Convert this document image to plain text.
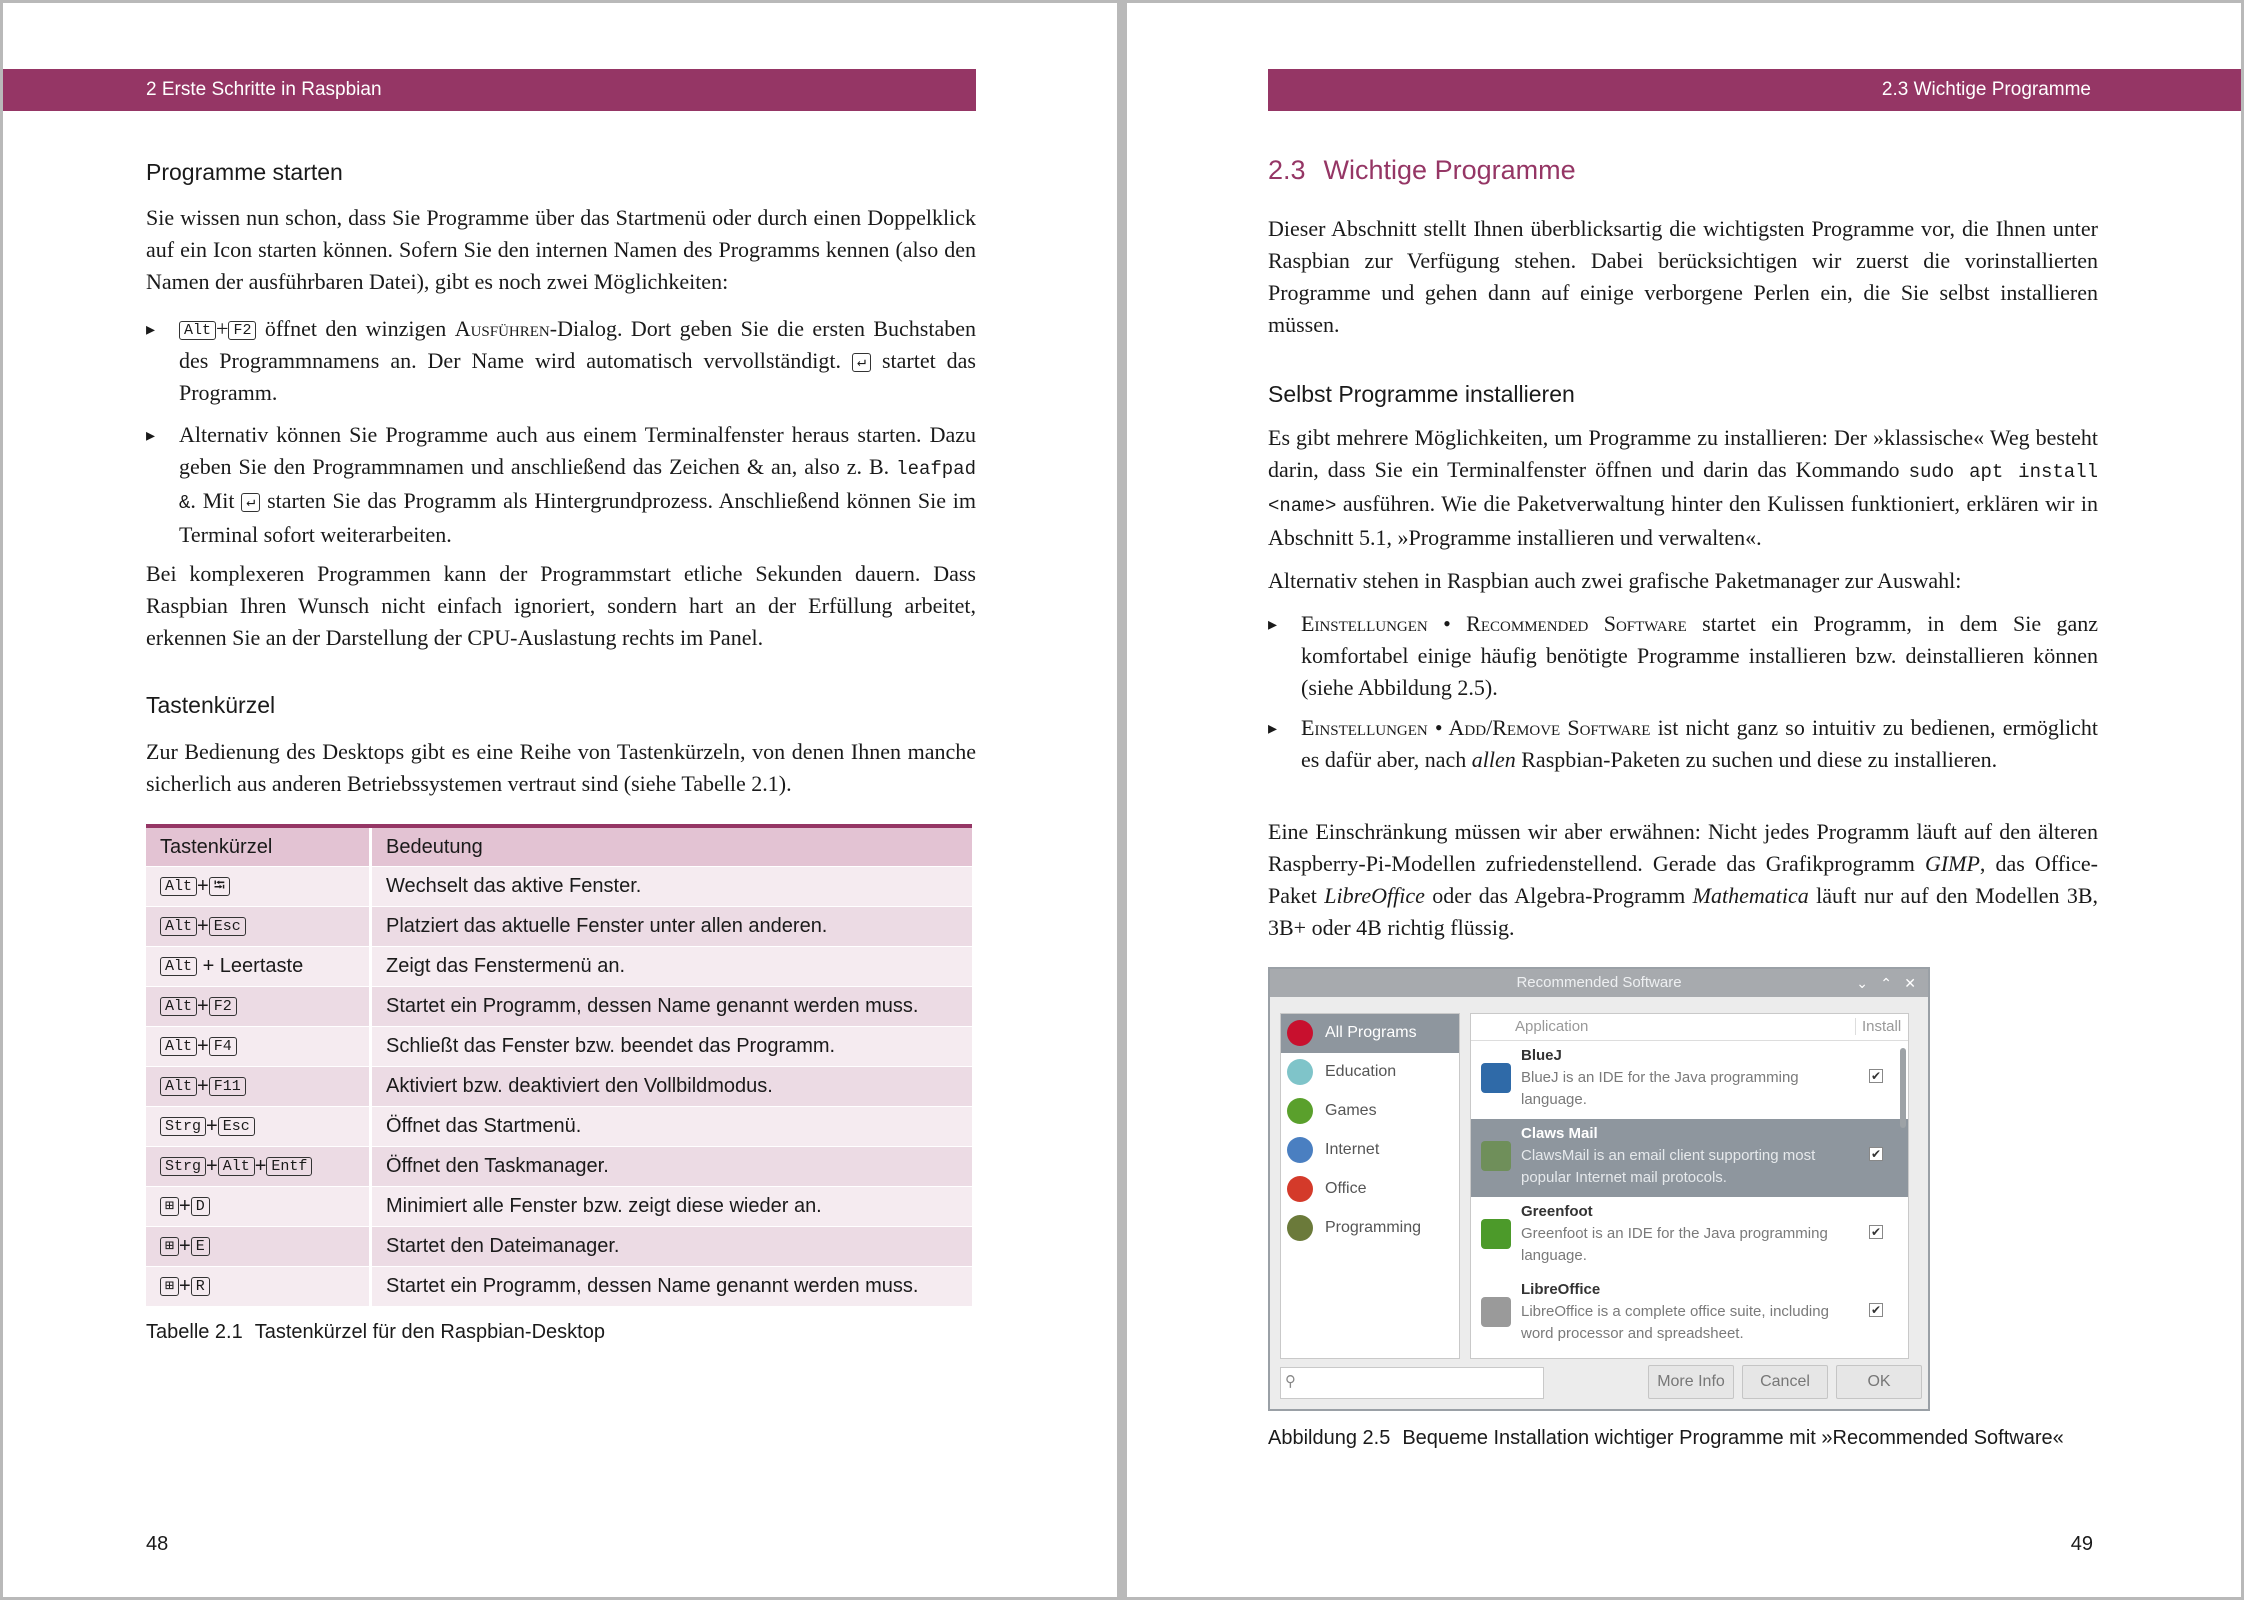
2 Erste Schritte in Raspbian
Programme starten

Sie wissen nun schon, dass Sie Programme über das Startmenü oder durch einen Doppelklick auf ein Icon starten können. Sofern Sie den internen Namen des Programms kennen (also den Namen der ausführbaren Datei), gibt es noch zwei Möglichkeiten:

▸ Alt + F2 öffnet den winzigen Ausführen-Dialog. Dort geben Sie die ersten Buchstaben des Programmnamens an. Der Name wird automatisch vervollständigt. ↵ startet das Programm.
▸ Alternativ können Sie Programme auch aus einem Terminalfenster heraus starten. Dazu geben Sie den Programmnamen und anschließend das Zeichen & an, also z. B. leafpad &. Mit ↵ starten Sie das Programm als Hintergrundprozess. Anschließend können Sie im Terminal sofort weiterarbeiten.

Bei komplexeren Programmen kann der Programmstart etliche Sekunden dauern. Dass Raspbian Ihren Wunsch nicht einfach ignoriert, sondern hart an der Erfüllung arbeitet, erkennen Sie an der Darstellung der CPU-Auslastung rechts im Panel.

Tastenkürzel

Zur Bedienung des Desktops gibt es eine Reihe von Tastenkürzeln, von denen Ihnen manche sicherlich aus anderen Betriebssystemen vertraut sind (siehe Tabelle 2.1).

Tastenkürzel	Bedeutung
Alt + ⭾	Wechselt das aktive Fenster.
Alt + Esc	Platziert das aktuelle Fenster unter allen anderen.
Alt + Leertaste	Zeigt das Fenstermenü an.
Alt + F2	Startet ein Programm, dessen Name genannt werden muss.
Alt + F4	Schließt das Fenster bzw. beendet das Programm.
Alt + F11	Aktiviert bzw. deaktiviert den Vollbildmodus.
Strg + Esc	Öffnet das Startmenü.
Strg + Alt + Entf	Öffnet den Taskmanager.
⊞ + D	Minimiert alle Fenster bzw. zeigt diese wieder an.
⊞ + E	Startet den Dateimanager.
⊞ + R	Startet ein Programm, dessen Name genannt werden muss.
Tabelle 2.1 Tastenkürzel für den Raspbian-Desktop
48
2.3 Wichtige Programme
2.3 Wichtige Programme

Dieser Abschnitt stellt Ihnen überblicksartig die wichtigsten Programme vor, die Ihnen unter Raspbian zur Verfügung stehen. Dabei berücksichtigen wir zuerst die vorinstallierten Programme und gehen dann auf einige verborgene Perlen ein, die Sie selbst installieren müssen.

Selbst Programme installieren

Es gibt mehrere Möglichkeiten, um Programme zu installieren: Der »klassische« Weg besteht darin, dass Sie ein Terminalfenster öffnen und darin das Kommando sudo apt install <name> ausführen. Wie die Paketverwaltung hinter den Kulissen funktioniert, erklären wir in Abschnitt 5.1, »Programme installieren und verwalten«.

Alternativ stehen in Raspbian auch zwei grafische Paketmanager zur Auswahl:

▸ Einstellungen • Recommended Software startet ein Programm, in dem Sie ganz komfortabel einige häufig benötigte Programme installieren bzw. deinstallieren können (siehe Abbildung 2.5).
▸ Einstellungen • Add/Remove Software ist nicht ganz so intuitiv zu bedienen, ermöglicht es dafür aber, nach allen Raspbian-Paketen zu suchen und diese zu installieren.

Eine Einschränkung müssen wir aber erwähnen: Nicht jedes Programm läuft auf den älteren Raspberry-Pi-Modellen zufriedenstellend. Gerade das Grafikprogramm GIMP, das Office-Paket LibreOffice oder das Algebra-Programm Mathematica läuft nur auf den Modellen 3B, 3B+ oder 4B richtig flüssig.

Recommended Software	⌄ ⌃ ✕
All Programs
Education
Games
Internet
Office
Programming
Application	Install
BlueJ
BlueJ is an IDE for the Java programming language.
✔
Claws Mail
ClawsMail is an email client supporting most popular Internet mail protocols.
✔
Greenfoot
Greenfoot is an IDE for the Java programming language.
✔
LibreOffice
LibreOffice is a complete office suite, including word processor and spreadsheet.
✔
⚲	More Info	Cancel	OK
Abbildung 2.5 Bequeme Installation wichtiger Programme mit »Recommended Software«
49
